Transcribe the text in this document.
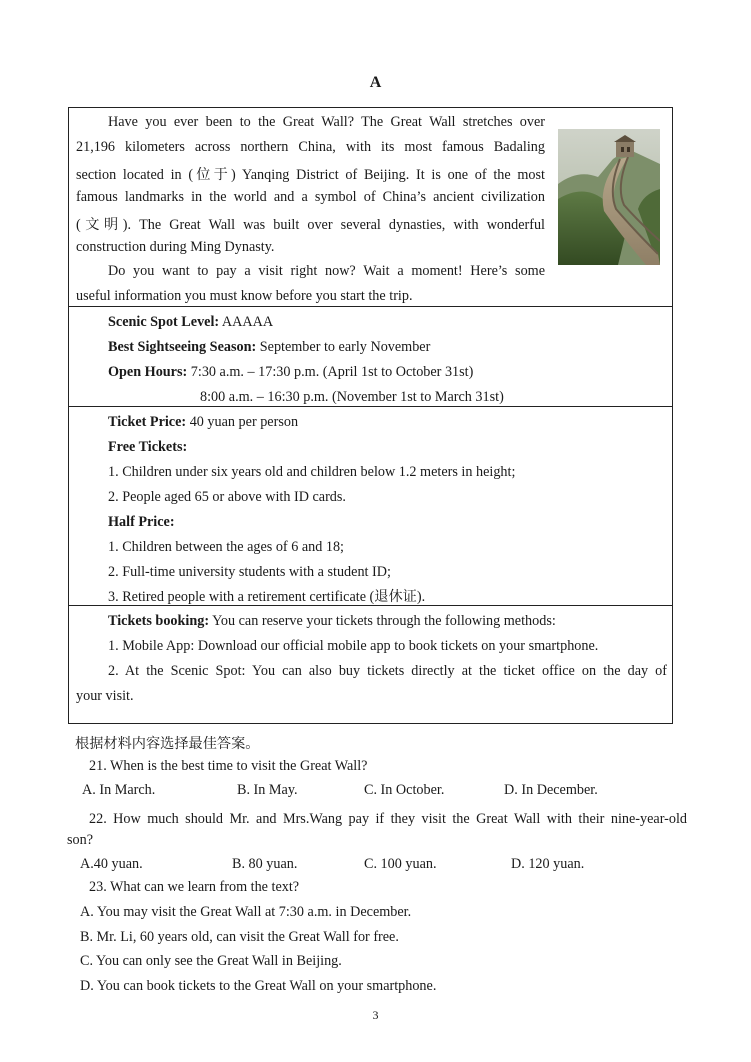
A
Have you ever been to the Great Wall? The Great Wall stretches over
21,196 kilometers across northern China, with its most famous Badaling
section located in (位于) Yanqing District of Beijing. It is one of the most
famous landmarks in the world and a symbol of China’s ancient civilization
(文明). The Great Wall was built over several dynasties, with wonderful
construction during Ming Dynasty.
Do you want to pay a visit right now? Wait a moment! Here’s some
useful information you must know before you start the trip.
Scenic Spot Level: AAAAA
Best Sightseeing Season: September to early November
Open Hours: 7:30 a.m. – 17:30 p.m. (April 1st to October 31st)
8:00 a.m. – 16:30 p.m. (November 1st to March 31st)
Ticket Price: 40 yuan per person
Free Tickets:
1. Children under six years old and children below 1.2 meters in height;
2. People aged 65 or above with ID cards.
Half Price:
1. Children between the ages of 6 and 18;
2. Full-time university students with a student ID;
3. Retired people with a retirement certificate (退休证).
Tickets booking: You can reserve your tickets through the following methods:
1. Mobile App: Download our official mobile app to book tickets on your smartphone.
2. At the Scenic Spot: You can also buy tickets directly at the ticket office on the day of
your visit.
根据材料内容选择最佳答案。
21. When is the best time to visit the Great Wall?
A. In March.	B. In May.	C. In October.	D. In December.
22. How much should Mr. and Mrs.Wang pay if they visit the Great Wall with their nine-year-old
son?
A.40 yuan.	B. 80 yuan.	C. 100 yuan.	D. 120 yuan.
23. What can we learn from the text?
A. You may visit the Great Wall at 7:30 a.m. in December.
B. Mr. Li, 60 years old, can visit the Great Wall for free.
C. You can only see the Great Wall in Beijing.
D. You can book tickets to the Great Wall on your smartphone.
3
